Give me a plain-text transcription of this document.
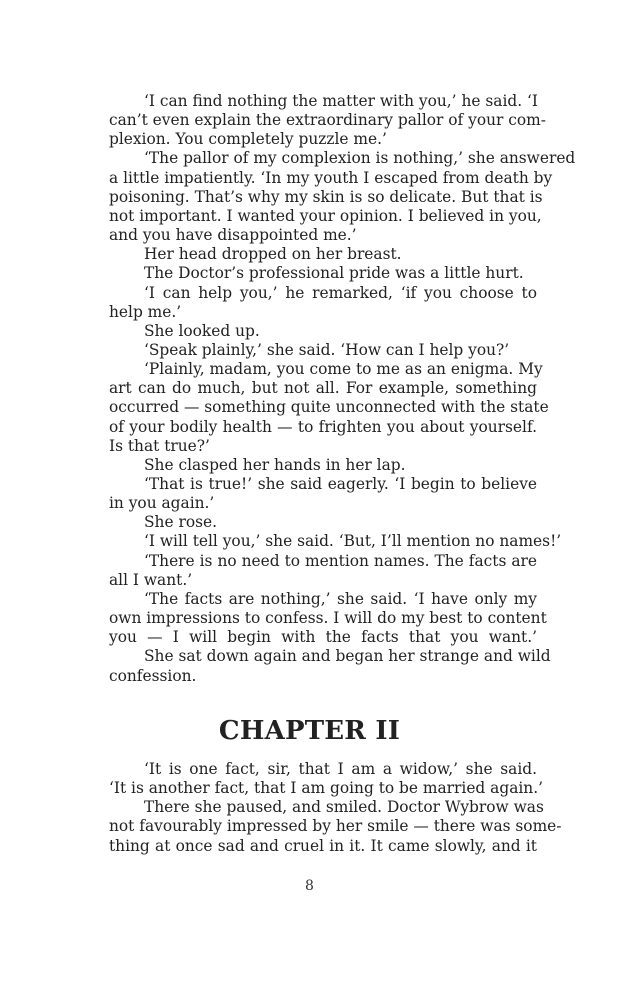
‘I can find nothing the matter with you,’ he said. ‘I

can’t even explain the extraordinary pallor of your com-

plexion. You completely puzzle me.’

‘The pallor of my complexion is nothing,’ she answered

a little impatiently. ‘In my youth I escaped from death by

poisoning. That’s why my skin is so delicate. But that is

not important. I wanted your opinion. I believed in you,

and you have disappointed me.’

Her head dropped on her breast.

The Doctor’s professional pride was a little hurt.

‘I can help you,’ he remarked, ‘if you choose to

help me.’

She looked up.

‘Speak plainly,’ she said. ‘How can I help you?’

‘Plainly, madam, you come to me as an enigma. My

art can do much, but not all. For example, something

occurred — something quite unconnected with the state

of your bodily health — to frighten you about yourself.

Is that true?’

She clasped her hands in her lap.

‘That is true!’ she said eagerly. ‘I begin to believe

in you again.’

She rose.

‘I will tell you,’ she said. ‘But, I’ll mention no names!’

‘There is no need to mention names. The facts are

all I want.’

‘The facts are nothing,’ she said. ‘I have only my

own impressions to confess. I will do my best to content

you — I will begin with the facts that you want.’

She sat down again and began her strange and wild

confession.

CHAPTER II

‘It is one fact, sir, that I am a widow,’ she said.

‘It is another fact, that I am going to be married again.’

There she paused, and smiled. Doctor Wybrow was

not favourably impressed by her smile — there was some-

thing at once sad and cruel in it. It came slowly, and it

8
